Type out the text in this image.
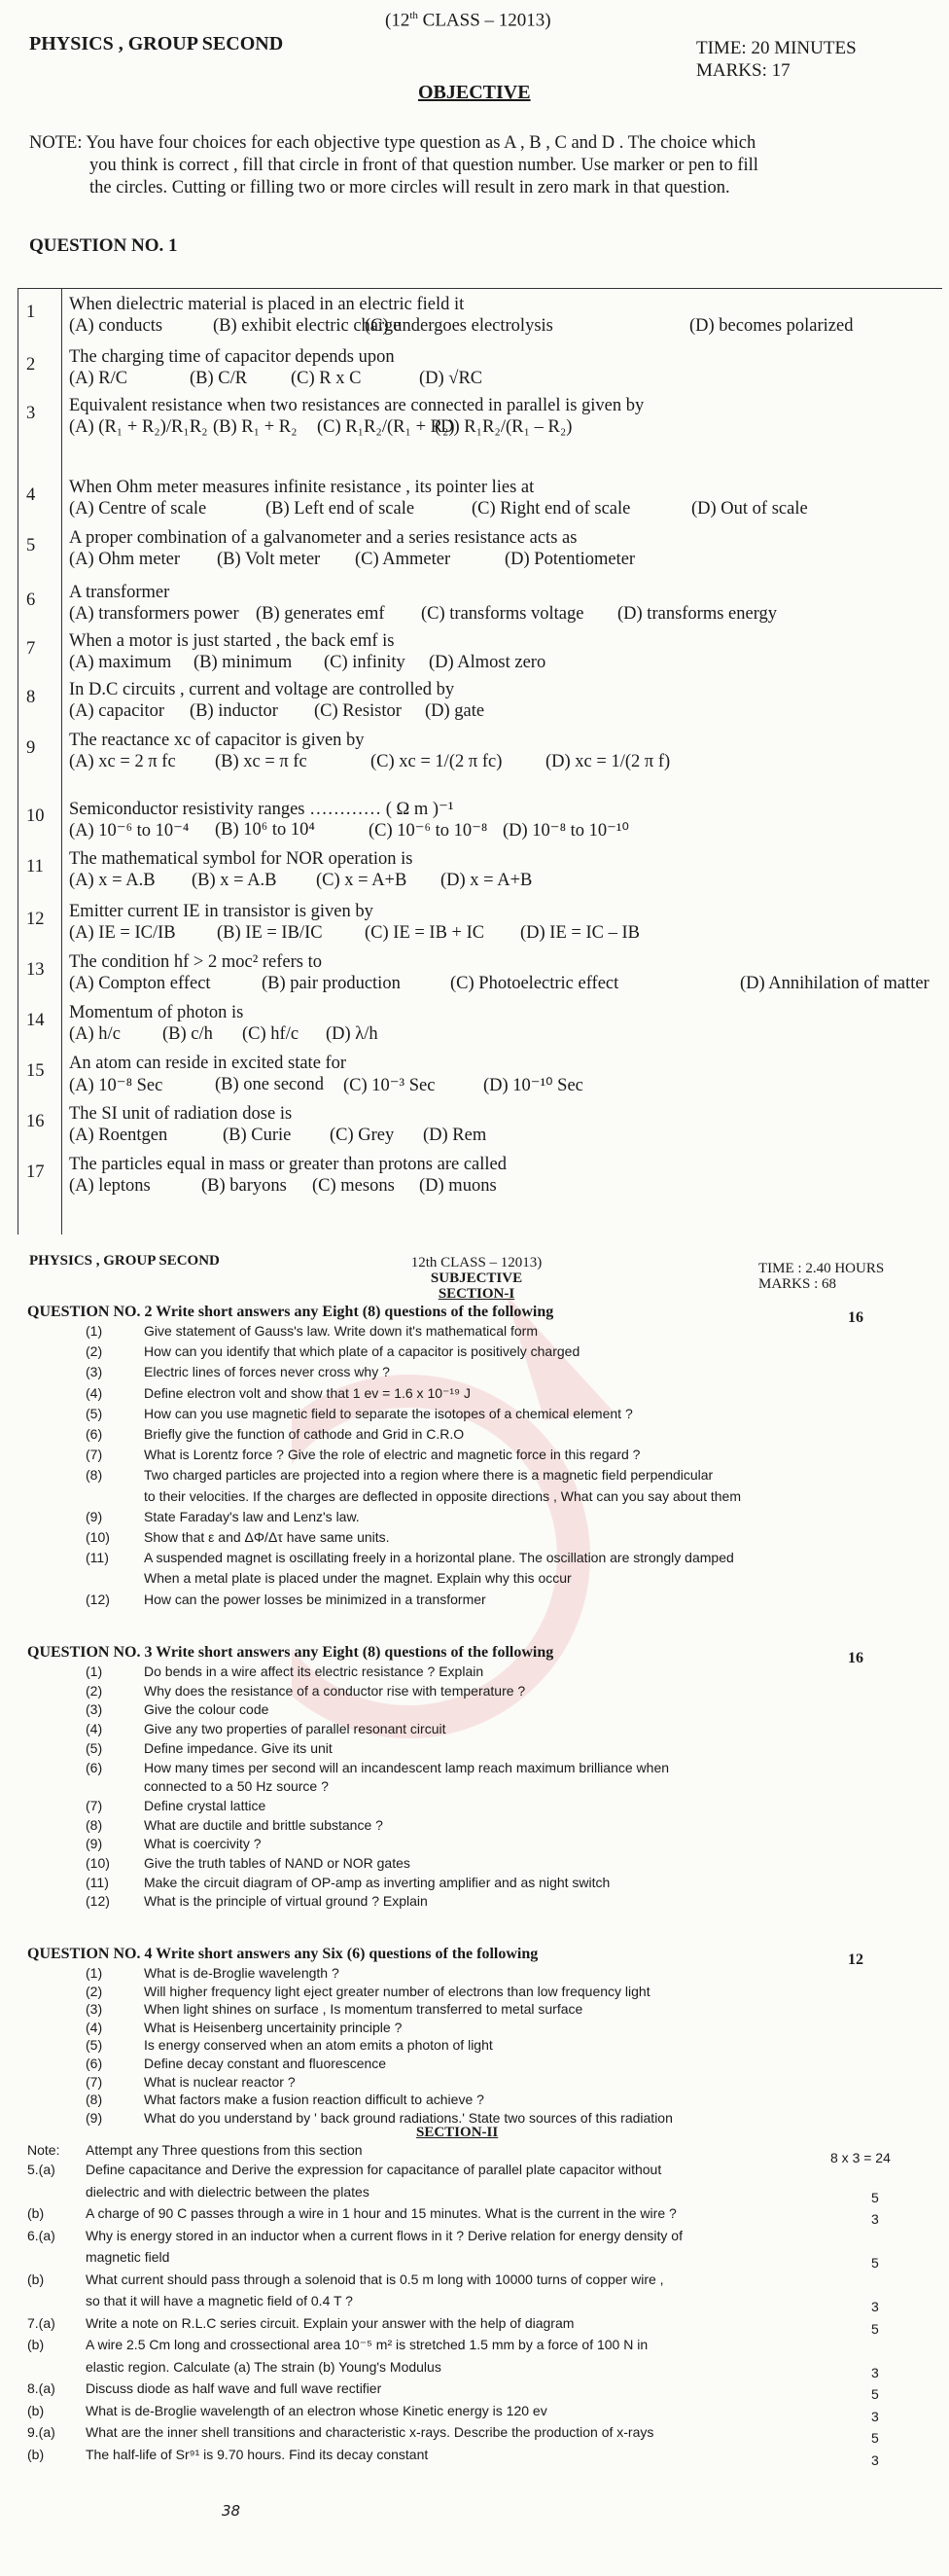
(12th CLASS – 12013)
PHYSICS , GROUP SECOND	TIME: 20 MINUTES
MARKS: 17
OBJECTIVE
NOTE: You have four choices for each objective type question as A , B , C and D . The choice which
you think is correct , fill that circle in front of that question number. Use marker or pen to fill
the circles. Cutting or filling two or more circles will result in zero mark in that question.
QUESTION NO. 1
1	When dielectric material is placed in an electric field it
(A) conducts	(B) exhibit electric charge
(C) undergoes electrolysis	(D) becomes polarized
2	The charging time of capacitor depends upon
(A) R/C	(B) C/R (C) R x C	(D) √RC
3	Equivalent resistance when two resistances are connected in parallel is given by
(A) (R₁ + R₂)/R₁R₂ (B) R₁ + R₂ (C) R₁R₂/(R₁ + R₂)
(D) R₁R₂/(R₁ – R₂)
4	When Ohm meter measures infinite resistance , its pointer lies at
(A) Centre of scale	(B) Left end of scale	(C) Right end of scale	(D) Out of scale
5	A proper combination of a galvanometer and a series resistance acts as
(A) Ohm meter (B) Volt meter (C) Ammeter	(D) Potentiometer
6	A transformer
(A) transformers power (B) generates emf (C) transforms voltage (D) transforms energy
7	When a motor is just started , the back emf is
(A) maximum (B) minimum (C) infinity (D) Almost zero
8	In D.C circuits , current and voltage are controlled by
(A) capacitor (B) inductor (C) Resistor (D) gate
9	The reactance xc of capacitor is given by
(A) xc = 2 π fc (B) xc = π fc	(C) xc = 1/(2 π fc) (D) xc = 1/(2 π f)
10	Semiconductor resistivity ranges ………… ( Ω m )⁻¹
(A) 10⁻⁶ to 10⁻⁴ (B) 10⁶ to 10⁴	(C) 10⁻⁶ to 10⁻⁸ (D) 10⁻⁸ to 10⁻¹⁰
11	The mathematical symbol for NOR operation is
(A) x = A.B (B) x = A.B (C) x = A+B (D) x = A+B
12	Emitter current IE in transistor is given by
(A) IE = IC/IB (B) IE = IB/IC (C) IE = IB + IC (D) IE = IC – IB
13	The condition hf > 2 moc² refers to
(A) Compton effect	(B) pair production	(C) Photoelectric effect	(D) Annihilation of matter
14	Momentum of photon is
(A) h/c (B) c/h (C) hf/c (D) λ/h
15	An atom can reside in excited state for
(A) 10⁻⁸ Sec	(B) one second (C) 10⁻³ Sec	(D) 10⁻¹⁰ Sec
16	The SI unit of radiation dose is
(A) Roentgen	(B) Curie (C) Grey (D) Rem
17	The particles equal in mass or greater than protons are called
(A) leptons	(B) baryons (C) mesons (D) muons
PHYSICS , GROUP SECOND	12th CLASS – 12013)
SUBJECTIVE
SECTION-I
TIME : 2.40 HOURS
MARKS : 68
QUESTION NO. 2 Write short answers any Eight (8) questions of the following	16
(1)	Give statement of Gauss's law. Write down it's mathematical form
(2)	How can you identify that which plate of a capacitor is positively charged
(3)	Electric lines of forces never cross why ?
(4)	Define electron volt and show that 1 ev = 1.6 x 10⁻¹⁹ J
(5)	How can you use magnetic field to separate the isotopes of a chemical element ?
(6)	Briefly give the function of cathode and Grid in C.R.O
(7)	What is Lorentz force ? Give the role of electric and magnetic force in this regard ?
(8)	Two charged particles are projected into a region where there is a magnetic field perpendicular
to their velocities. If the charges are deflected in opposite directions , What can you say about them
(9)	State Faraday's law and Lenz's law.
(10)	Show that ε and ΔΦ/Δτ have same units.
(11)	A suspended magnet is oscillating freely in a horizontal plane. The oscillation are strongly damped
When a metal plate is placed under the magnet. Explain why this occur
(12)	How can the power losses be minimized in a transformer
QUESTION NO. 3 Write short answers any Eight (8) questions of the following	16
(1)	Do bends in a wire affect its electric resistance ? Explain
(2)	Why does the resistance of a conductor rise with temperature ?
(3)	Give the colour code
(4)	Give any two properties of parallel resonant circuit
(5)	Define impedance. Give its unit
(6)	How many times per second will an incandescent lamp reach maximum brilliance when
connected to a 50 Hz source ?
(7)	Define crystal lattice
(8)	What are ductile and brittle substance ?
(9)	What is coercivity ?
(10)	Give the truth tables of NAND or NOR gates
(11)	Make the circuit diagram of OP-amp as inverting amplifier and as night switch
(12)	What is the principle of virtual ground ? Explain
QUESTION NO. 4 Write short answers any Six (6) questions of the following	12
(1)	What is de-Broglie wavelength ?
(2)	Will higher frequency light eject greater number of electrons than low frequency light
(3)	When light shines on surface , Is momentum transferred to metal surface
(4)	What is Heisenberg uncertainity principle ?
(5)	Is energy conserved when an atom emits a photon of light
(6)	Define decay constant and fluorescence
(7)	What is nuclear reactor ?
(8)	What factors make a fusion reaction difficult to achieve ?
(9)	What do you understand by ' back ground radiations.' State two sources of this radiation
SECTION-II
Note: Attempt any Three questions from this section	8 x 3 = 24
5.(a) Define capacitance and Derive the expression for capacitance of parallel plate capacitor without
dielectric and with dielectric between the plates	5
(b)	A charge of 90 C passes through a wire in 1 hour and 15 minutes. What is the current in the wire ?	3
6.(a) Why is energy stored in an inductor when a current flows in it ? Derive relation for energy density of
magnetic field	5
(b)	What current should pass through a solenoid that is 0.5 m long with 10000 turns of copper wire ,
so that it will have a magnetic field of 0.4 T ?	3
7.(a) Write a note on R.L.C series circuit. Explain your answer with the help of diagram	5
(b)	A wire 2.5 Cm long and crossectional area 10⁻⁵ m² is stretched 1.5 mm by a force of 100 N in
elastic region. Calculate (a) The strain (b) Young's Modulus	3
8.(a) Discuss diode as half wave and full wave rectifier	5
(b)	What is de-Broglie wavelength of an electron whose Kinetic energy is 120 ev	3
9.(a) What are the inner shell transitions and characteristic x-rays. Describe the production of x-rays	5
(b)	The half-life of Sr⁹¹ is 9.70 hours. Find its decay constant	3
38
